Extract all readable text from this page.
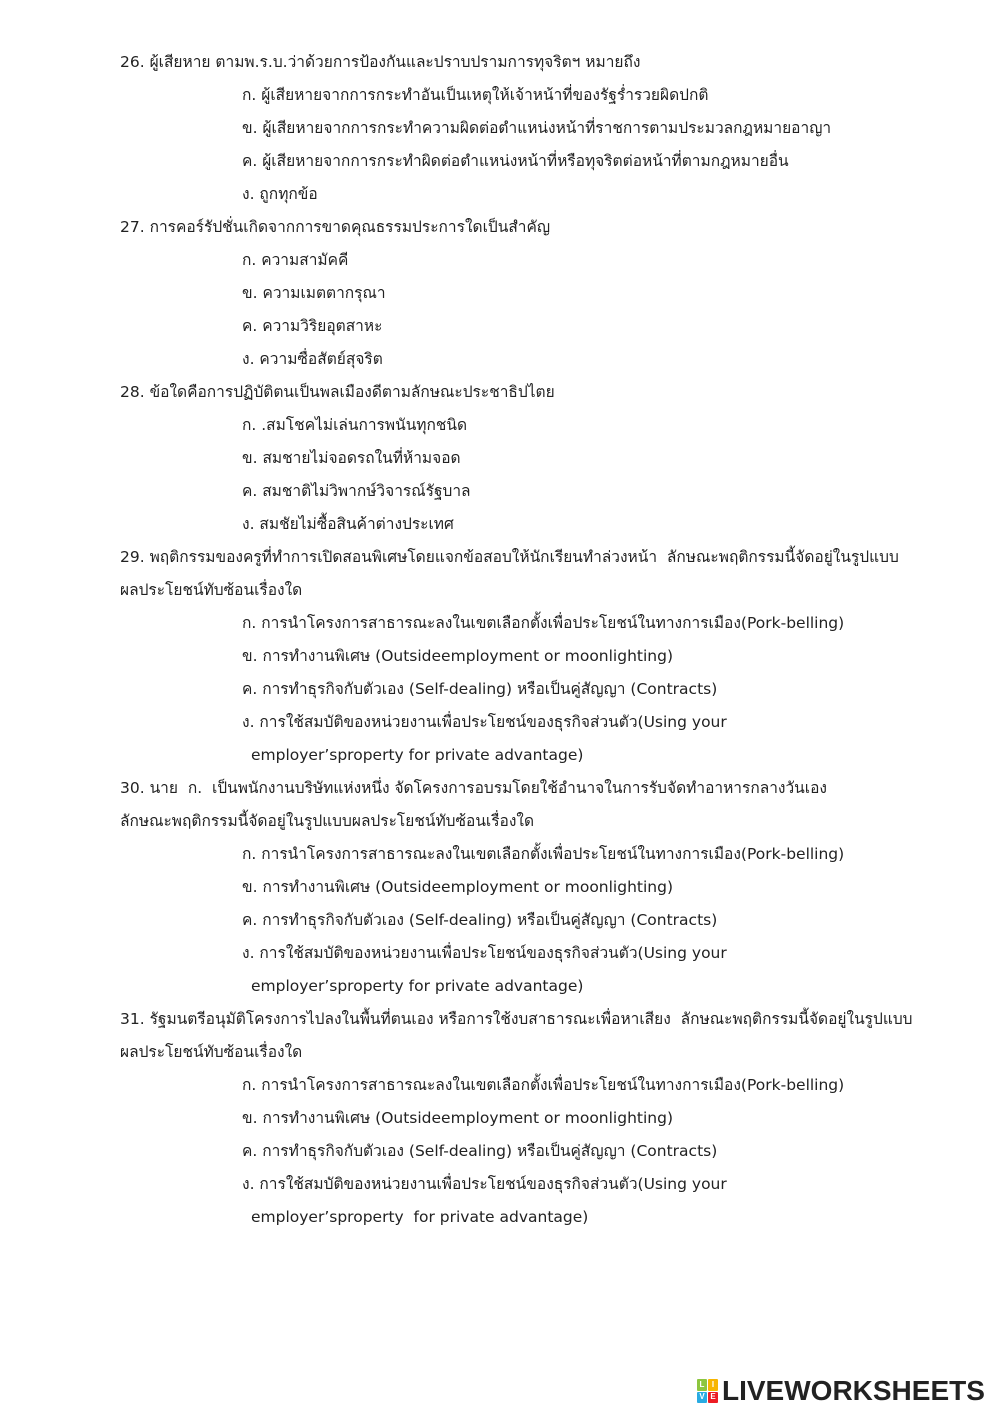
26. ผู้เสียหาย ตามพ.ร.บ.ว่าด้วยการป้องกันและปราบปรามการทุจริตฯ หมายถึง
ก. ผู้เสียหายจากการกระทำอันเป็นเหตุให้เจ้าหน้าที่ของรัฐร่ำรวยผิดปกติ
ข. ผู้เสียหายจากการกระทำความผิดต่อตำแหน่งหน้าที่ราชการตามประมวลกฎหมายอาญา
ค. ผู้เสียหายจากการกระทำผิดต่อตำแหน่งหน้าที่หรือทุจริตต่อหน้าที่ตามกฎหมายอื่น
ง. ถูกทุกข้อ
27. การคอร์รัปชั่นเกิดจากการขาดคุณธรรมประการใดเป็นสำคัญ
ก. ความสามัคคี
ข. ความเมตตากรุณา
ค. ความวิริยอุตสาหะ
ง. ความซื่อสัตย์สุจริต
28. ข้อใดคือการปฏิบัติตนเป็นพลเมืองดีตามลักษณะประชาธิปไตย
ก. .สมโชคไม่เล่นการพนันทุกชนิด
ข. สมชายไม่จอดรถในที่ห้ามจอด
ค. สมชาติไม่วิพากษ์วิจารณ์รัฐบาล
ง. สมชัยไม่ซื้อสินค้าต่างประเทศ
29. พฤติกรรมของครูที่ทำการเปิดสอนพิเศษโดยแจกข้อสอบให้นักเรียนทำล่วงหน้า  ลักษณะพฤติกรรมนี้จัดอยู่ในรูปแบบ
ผลประโยชน์ทับซ้อนเรื่องใด
ก. การนำโครงการสาธารณะลงในเขตเลือกตั้งเพื่อประโยชน์ในทางการเมือง(Pork-belling)
ข. การทำงานพิเศษ (Outsideemployment or moonlighting)
ค. การทำธุรกิจกับตัวเอง (Self-dealing) หรือเป็นคู่สัญญา (Contracts)
ง. การใช้สมบัติของหน่วยงานเพื่อประโยชน์ของธุรกิจส่วนตัว(Using your
employer’sproperty for private advantage)
30. นาย  ก.  เป็นพนักงานบริษัทแห่งหนึ่ง จัดโครงการอบรมโดยใช้อำนาจในการรับจัดทำอาหารกลางวันเอง
ลักษณะพฤติกรรมนี้จัดอยู่ในรูปแบบผลประโยชน์ทับซ้อนเรื่องใด
ก. การนำโครงการสาธารณะลงในเขตเลือกตั้งเพื่อประโยชน์ในทางการเมือง(Pork-belling)
ข. การทำงานพิเศษ (Outsideemployment or moonlighting)
ค. การทำธุรกิจกับตัวเอง (Self-dealing) หรือเป็นคู่สัญญา (Contracts)
ง. การใช้สมบัติของหน่วยงานเพื่อประโยชน์ของธุรกิจส่วนตัว(Using your
employer’sproperty for private advantage)
31. รัฐมนตรีอนุมัติโครงการไปลงในพื้นที่ตนเอง หรือการใช้งบสาธารณะเพื่อหาเสียง  ลักษณะพฤติกรรมนี้จัดอยู่ในรูปแบบ
ผลประโยชน์ทับซ้อนเรื่องใด
ก. การนำโครงการสาธารณะลงในเขตเลือกตั้งเพื่อประโยชน์ในทางการเมือง(Pork-belling)
ข. การทำงานพิเศษ (Outsideemployment or moonlighting)
ค. การทำธุรกิจกับตัวเอง (Self-dealing) หรือเป็นคู่สัญญา (Contracts)
ง. การใช้สมบัติของหน่วยงานเพื่อประโยชน์ของธุรกิจส่วนตัว(Using your
employer’sproperty  for private advantage)
L I
V E LIVEWORKSHEETS
